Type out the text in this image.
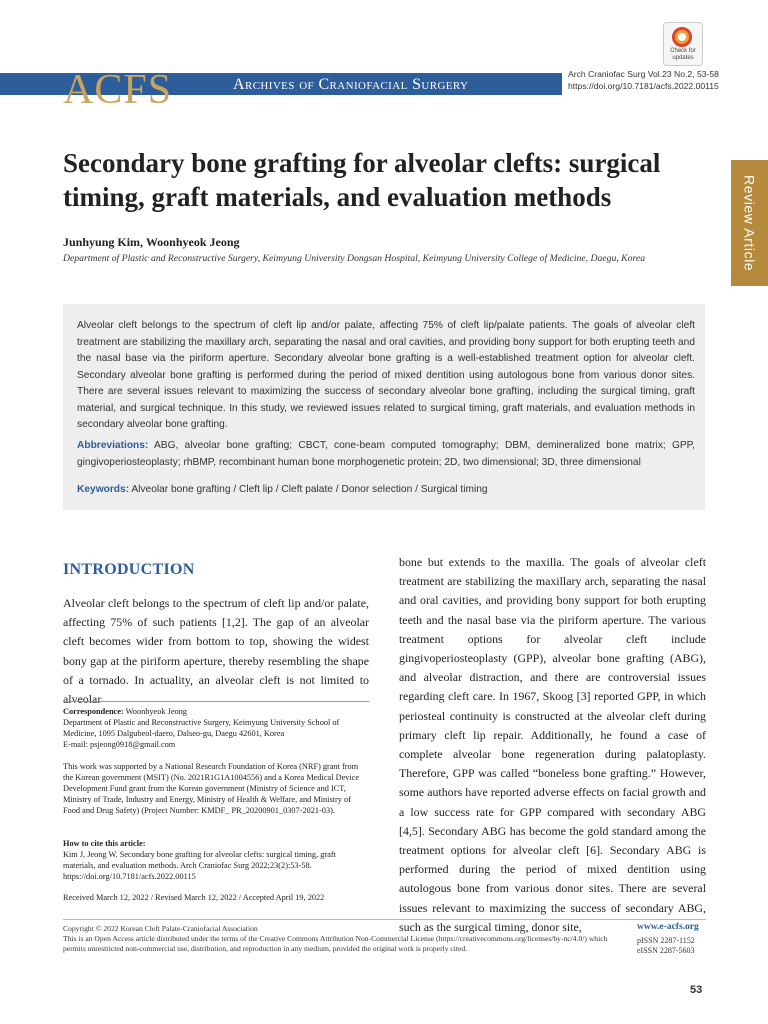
ACFS	Archives of Craniofacial Surgery
Arch Craniofac Surg Vol.23 No.2, 53-58
https://doi.org/10.7181/acfs.2022.00115
Check for
updates
Review Article
Secondary bone grafting for alveolar clefts: surgical timing, graft materials, and evaluation methods
Junhyung Kim, Woonhyeok Jeong
Department of Plastic and Reconstructive Surgery, Keimyung University Dongsan Hospital, Keimyung University College of Medicine, Daegu, Korea

Alveolar cleft belongs to the spectrum of cleft lip and/or palate, affecting 75% of cleft lip/palate patients. The goals of alveolar cleft treatment are stabilizing the maxillary arch, separating the nasal and oral cavities, and providing bony support for both erupting teeth and the nasal base via the piriform aperture. Secondary alveolar bone grafting is a well-established treatment option for alveolar cleft. Secondary alveolar bone grafting is performed during the period of mixed dentition using autologous bone from various donor sites. There are several issues relevant to maximizing the success of secondary alveolar bone grafting, including the surgical timing, graft material, and surgical technique. In this study, we reviewed issues related to surgical timing, graft materials, and evaluation methods in secondary alveolar bone grafting.

Abbreviations: ABG, alveolar bone grafting; CBCT, cone-beam computed tomography; DBM, demineralized bone matrix; GPP, gingivoperiosteoplasty; rhBMP, recombinant human bone morphogenetic protein; 2D, two dimensional; 3D, three dimensional

Keywords: Alveolar bone grafting / Cleft lip / Cleft palate / Donor selection / Surgical timing

INTRODUCTION

Alveolar cleft belongs to the spectrum of cleft lip and/or palate, affecting 75% of such patients [1,2]. The gap of an alveolar cleft becomes wider from bottom to top, showing the widest bony gap at the piriform aperture, thereby resembling the shape of a tornado. In actuality, an alveolar cleft is not limited to alveolar

bone but extends to the maxilla. The goals of alveolar cleft treatment are stabilizing the maxillary arch, separating the nasal and oral cavities, and providing bony support for both erupting teeth and the nasal base via the piriform aperture. The various treatment options for alveolar cleft include gingivoperiosteoplasty (GPP), alveolar bone grafting (ABG), and alveolar distraction, and there are controversial issues regarding cleft care. In 1967, Skoog [3] reported GPP, in which periosteal continuity is constructed at the alveolar cleft during primary cleft lip repair. Additionally, he found a case of complete alveolar bone regeneration during palatoplasty. Therefore, GPP was called “boneless bone grafting.” However, some authors have reported adverse effects on facial growth and a low success rate for GPP compared with secondary ABG [4,5]. Secondary ABG has become the gold standard among the treatment options for alveolar cleft [6]. Secondary ABG is performed during the period of mixed dentition using autologous bone from various donor sites. There are several issues relevant to maximizing the success of secondary ABG, such as the surgical timing, donor site,

Correspondence: Woonhyeok Jeong
Department of Plastic and Reconstructive Surgery, Keimyung University School of Medicine, 1095 Dalgubeol-daero, Dalseo-gu, Daegu 42601, Korea
E-mail: psjeong0918@gmail.com

This work was supported by a National Research Foundation of Korea (NRF) grant from the Korean government (MSIT) (No. 2021R1G1A1004556) and a Korea Medical Device Development Fund grant from the Korean government (Ministry of Science and ICT, Ministry of Trade, Industry and Energy, Ministry of Health & Welfare, and Ministry of Food and Drug Safety) (Project Number: KMDF_ PR_20200901_0307-2021-03).

How to cite this article:
Kim J, Jeong W. Secondary bone grafting for alveolar clefts: surgical timing, graft materials, and evaluation methods. Arch Craniofac Surg 2022;23(2):53-58. https://doi.org/10.7181/acfs.2022.00115

Received March 12, 2022 / Revised March 12, 2022 / Accepted April 19, 2022

Copyright © 2022 Korean Cleft Palate-Craniofacial Association
This is an Open Access article distributed under the terms of the Creative Commons Attribution Non-Commercial License (https://creativecommons.org/licenses/by-nc/4.0/) which permits unrestricted non-commercial use, distribution, and reproduction in any medium, provided the original work is properly cited.

www.e-acfs.org
pISSN 2287-1152
eISSN 2287-5603
53
